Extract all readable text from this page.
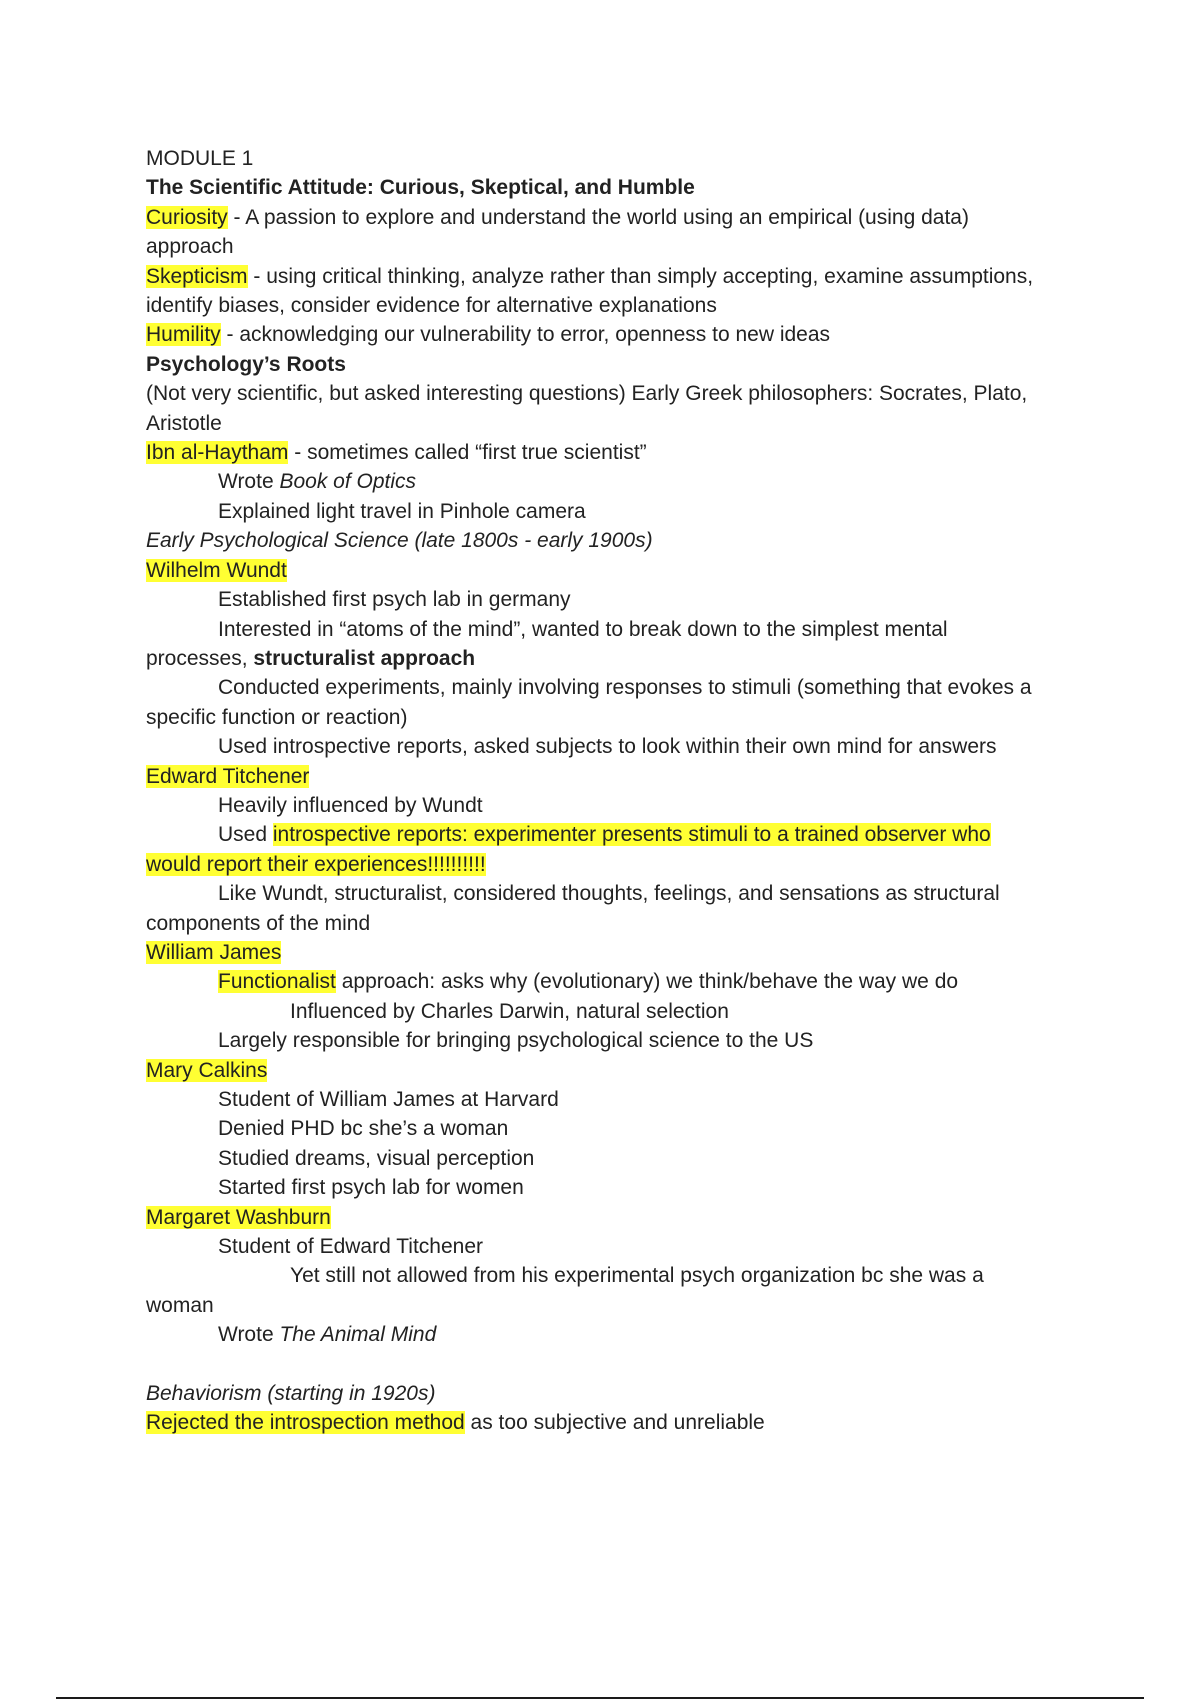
MODULE 1
The Scientific Attitude: Curious, Skeptical, and Humble
Curiosity - A passion to explore and understand the world using an empirical (using data)
approach
Skepticism - using critical thinking, analyze rather than simply accepting, examine assumptions,
identify biases, consider evidence for alternative explanations
Humility - acknowledging our vulnerability to error, openness to new ideas
Psychology’s Roots
(Not very scientific, but asked interesting questions) Early Greek philosophers: Socrates, Plato,
Aristotle
Ibn al-Haytham - sometimes called “first true scientist”
Wrote Book of Optics
Explained light travel in Pinhole camera
Early Psychological Science (late 1800s - early 1900s)
Wilhelm Wundt
Established first psych lab in germany
Interested in “atoms of the mind”, wanted to break down to the simplest mental
processes, structuralist approach
Conducted experiments, mainly involving responses to stimuli (something that evokes a
specific function or reaction)
Used introspective reports, asked subjects to look within their own mind for answers
Edward Titchener
Heavily influenced by Wundt
Used introspective reports: experimenter presents stimuli to a trained observer who
would report their experiences!!!!!!!!!!
Like Wundt, structuralist, considered thoughts, feelings, and sensations as structural
components of the mind
William James
Functionalist approach: asks why (evolutionary) we think/behave the way we do
Influenced by Charles Darwin, natural selection
Largely responsible for bringing psychological science to the US
Mary Calkins
Student of William James at Harvard
Denied PHD bc she’s a woman
Studied dreams, visual perception
Started first psych lab for women
Margaret Washburn
Student of Edward Titchener
Yet still not allowed from his experimental psych organization bc she was a
woman
Wrote The Animal Mind
Behaviorism (starting in 1920s)
Rejected the introspection method as too subjective and unreliable
